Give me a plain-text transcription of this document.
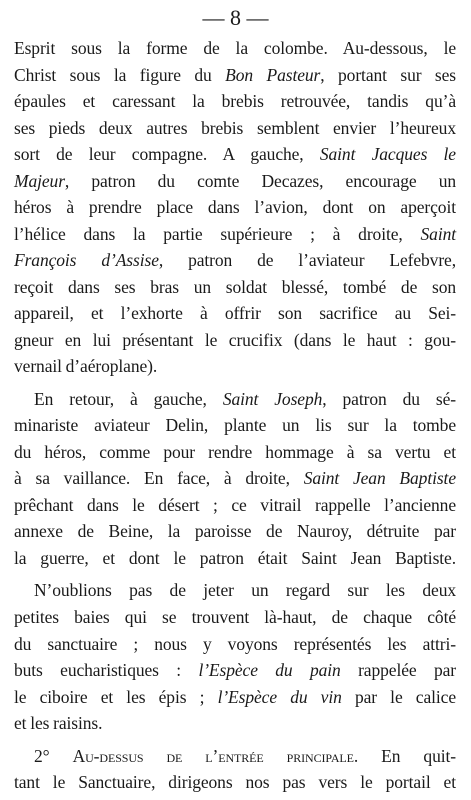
— 8 —
Esprit sous la forme de la colombe. Au-dessous, le
Christ sous la figure du Bon Pasteur, portant sur ses
épaules et caressant la brebis retrouvée, tandis qu’à
ses pieds deux autres brebis semblent envier l’heureux
sort de leur compagne. A gauche, Saint Jacques le
Majeur, patron du comte Decazes, encourage un
héros à prendre place dans l’avion, dont on aperçoit
l’hélice dans la partie supérieure ; à droite, Saint
François d’Assise, patron de l’aviateur Lefebvre,
reçoit dans ses bras un soldat blessé, tombé de son
appareil, et l’exhorte à offrir son sacrifice au Sei-
gneur en lui présentant le crucifix (dans le haut : gou-
vernail d’aéroplane).
En retour, à gauche, Saint Joseph, patron du sé-
minariste aviateur Delin, plante un lis sur la tombe
du héros, comme pour rendre hommage à sa vertu et
à sa vaillance. En face, à droite, Saint Jean Baptiste
prêchant dans le désert ; ce vitrail rappelle l’ancienne
annexe de Beine, la paroisse de Nauroy, détruite par
la guerre, et dont le patron était Saint Jean Baptiste.
N’oublions pas de jeter un regard sur les deux
petites baies qui se trouvent là-haut, de chaque côté
du sanctuaire ; nous y voyons représentés les attri-
buts eucharistiques : l’Espèce du pain rappelée par
le ciboire et les épis ; l’Espèce du vin par le calice
et les raisins.
2° Au-dessus de l’entrée principale. En quit-
tant le Sanctuaire, dirigeons nos pas vers le portail et
